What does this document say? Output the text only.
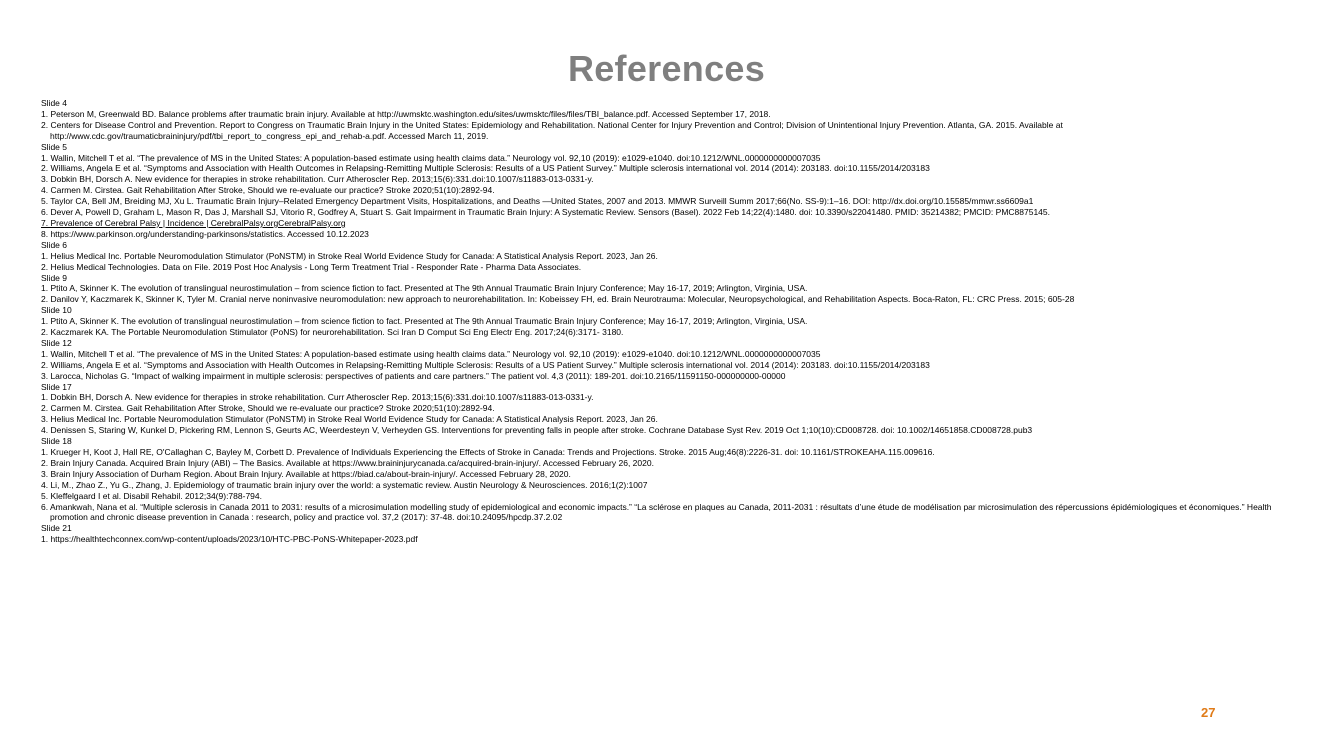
References
Slide 4
1. Peterson M, Greenwald BD. Balance problems after traumatic brain injury. Available at http://uwmsktc.washington.edu/sites/uwmsktc/files/files/TBI_balance.pdf. Accessed September 17, 2018.
2. Centers for Disease Control and Prevention. Report to Congress on Traumatic Brain Injury in the United States: Epidemiology and Rehabilitation. National Center for Injury Prevention and Control; Division of Unintentional Injury Prevention. Atlanta, GA. 2015. Available at http://www.cdc.gov/traumaticbraininjury/pdf/tbi_report_to_congress_epi_and_rehab-a.pdf. Accessed March 11, 2019.
Slide 5
1. Wallin, Mitchell T et al. “The prevalence of MS in the United States: A population-based estimate using health claims data.” Neurology vol. 92,10 (2019): e1029-e1040. doi:10.1212/WNL.0000000000007035
2. Williams, Angela E et al. “Symptoms and Association with Health Outcomes in Relapsing-Remitting Multiple Sclerosis: Results of a US Patient Survey.” Multiple sclerosis international vol. 2014 (2014): 203183. doi:10.1155/2014/203183
3. Dobkin BH, Dorsch A. New evidence for therapies in stroke rehabilitation. Curr Atheroscler Rep. 2013;15(6):331.doi:10.1007/s11883-013-0331-y.
4. Carmen M. Cirstea. Gait Rehabilitation After Stroke, Should we re-evaluate our practice? Stroke 2020;51(10):2892-94.
5. Taylor CA, Bell JM, Breiding MJ, Xu L. Traumatic Brain Injury–Related Emergency Department Visits, Hospitalizations, and Deaths —United States, 2007 and 2013. MMWR Surveill Summ 2017;66(No. SS-9):1–16. DOI: http://dx.doi.org/10.15585/mmwr.ss6609a1
6. Dever A, Powell D, Graham L, Mason R, Das J, Marshall SJ, Vitorio R, Godfrey A, Stuart S. Gait Impairment in Traumatic Brain Injury: A Systematic Review. Sensors (Basel). 2022 Feb 14;22(4):1480. doi: 10.3390/s22041480. PMID: 35214382; PMCID: PMC8875145.
7. Prevalence of Cerebral Palsy | Incidence | CerebralPalsy.orgCerebralPalsy.org
8. https://www.parkinson.org/understanding-parkinsons/statistics. Accessed 10.12.2023
Slide 6
1. Helius Medical Inc. Portable Neuromodulation Stimulator (PoNSTM) in Stroke Real World Evidence Study for Canada: A Statistical Analysis Report. 2023, Jan 26.
2. Helius Medical Technologies. Data on File. 2019 Post Hoc Analysis - Long Term Treatment Trial - Responder Rate - Pharma Data Associates.
Slide 9
1. Ptito A, Skinner K. The evolution of translingual neurostimulation – from science fiction to fact. Presented at The 9th Annual Traumatic Brain Injury Conference; May 16-17, 2019; Arlington, Virginia, USA.
2. Danilov Y, Kaczmarek K, Skinner K, Tyler M. Cranial nerve noninvasive neuromodulation: new approach to neurorehabilitation. In: Kobeissey FH, ed. Brain Neurotrauma: Molecular, Neuropsychological, and Rehabilitation Aspects. Boca-Raton, FL: CRC Press. 2015; 605-28
Slide 10
1. Ptito A, Skinner K. The evolution of translingual neurostimulation – from science fiction to fact. Presented at The 9th Annual Traumatic Brain Injury Conference; May 16-17, 2019; Arlington, Virginia, USA.
2. Kaczmarek KA. The Portable Neuromodulation Stimulator (PoNS) for neurorehabilitation. Sci Iran D Comput Sci Eng Electr Eng. 2017;24(6):3171- 3180.
Slide 12
1. Wallin, Mitchell T et al. “The prevalence of MS in the United States: A population-based estimate using health claims data.” Neurology vol. 92,10 (2019): e1029-e1040. doi:10.1212/WNL.0000000000007035
2. Williams, Angela E et al. “Symptoms and Association with Health Outcomes in Relapsing-Remitting Multiple Sclerosis: Results of a US Patient Survey.” Multiple sclerosis international vol. 2014 (2014): 203183. doi:10.1155/2014/203183
3. Larocca, Nicholas G. “Impact of walking impairment in multiple sclerosis: perspectives of patients and care partners.” The patient vol. 4,3 (2011): 189-201. doi:10.2165/11591150-000000000-00000
Slide 17
1. Dobkin BH, Dorsch A. New evidence for therapies in stroke rehabilitation. Curr Atheroscler Rep. 2013;15(6):331.doi:10.1007/s11883-013-0331-y.
2. Carmen M. Cirstea. Gait Rehabilitation After Stroke, Should we re-evaluate our practice? Stroke 2020;51(10):2892-94.
3. Helius Medical Inc. Portable Neuromodulation Stimulator (PoNSTM) in Stroke Real World Evidence Study for Canada: A Statistical Analysis Report. 2023, Jan 26.
4. Denissen S, Staring W, Kunkel D, Pickering RM, Lennon S, Geurts AC, Weerdesteyn V, Verheyden GS. Interventions for preventing falls in people after stroke. Cochrane Database Syst Rev. 2019 Oct 1;10(10):CD008728. doi: 10.1002/14651858.CD008728.pub3
Slide 18
1. Krueger H, Koot J, Hall RE, O'Callaghan C, Bayley M, Corbett D. Prevalence of Individuals Experiencing the Effects of Stroke in Canada: Trends and Projections. Stroke. 2015 Aug;46(8):2226-31. doi: 10.1161/STROKEAHA.115.009616.
2. Brain Injury Canada. Acquired Brain Injury (ABI) – The Basics. Available at https://www.braininjurycanada.ca/acquired-brain-injury/. Accessed February 26, 2020.
3. Brain Injury Association of Durham Region. About Brain Injury. Available at https://biad.ca/about-brain-injury/. Accessed February 28, 2020.
4. Li, M., Zhao Z., Yu G., Zhang, J. Epidemiology of traumatic brain injury over the world: a systematic review. Austin Neurology & Neurosciences. 2016;1(2):1007
5. Kleffelgaard I et al. Disabil Rehabil. 2012;34(9):788-794.
6. Amankwah, Nana et al. “Multiple sclerosis in Canada 2011 to 2031: results of a microsimulation modelling study of epidemiological and economic impacts.” “La sclérose en plaques au Canada, 2011-2031 : résultats d’une étude de modélisation par microsimulation des répercussions épidémiologiques et économiques.” Health promotion and chronic disease prevention in Canada : research, policy and practice vol. 37,2 (2017): 37-48. doi:10.24095/hpcdp.37.2.02
Slide 21
1. https://healthtechconnex.com/wp-content/uploads/2023/10/HTC-PBC-PoNS-Whitepaper-2023.pdf
27
